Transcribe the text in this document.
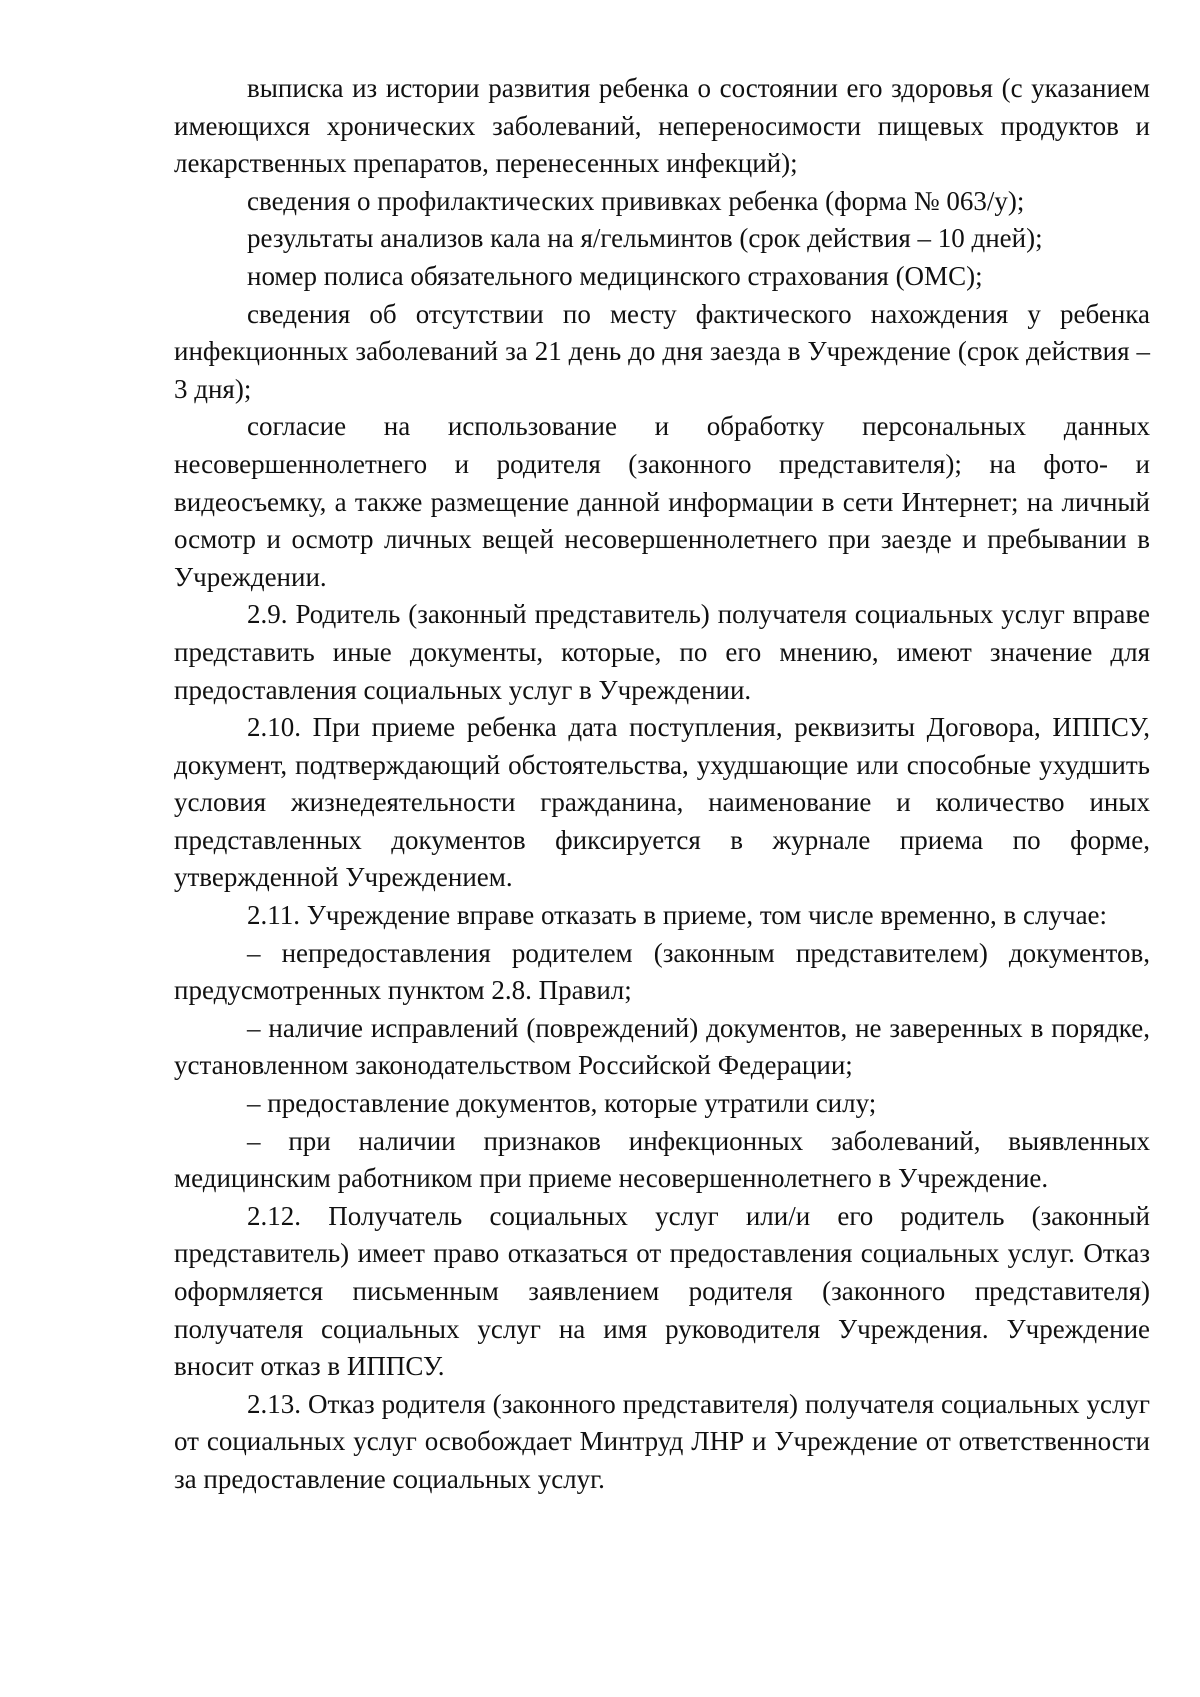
выписка из истории развития ребенка о состоянии его здоровья (с указанием имеющихся хронических заболеваний, непереносимости пищевых продуктов и лекарственных препаратов, перенесенных инфекций);

сведения о профилактических прививках ребенка (форма № 063/у);

результаты анализов кала на я/гельминтов (срок действия – 10 дней);

номер полиса обязательного медицинского страхования (ОМС);

сведения об отсутствии по месту фактического нахождения у ребенка инфекционных заболеваний за 21 день до дня заезда в Учреждение (срок действия – 3 дня);

согласие на использование и обработку персональных данных несовершеннолетнего и родителя (законного представителя); на фото- и видеосъемку, а также размещение данной информации в сети Интернет; на личный осмотр и осмотр личных вещей несовершеннолетнего при заезде и пребывании в Учреждении.

2.9. Родитель (законный представитель) получателя социальных услуг вправе представить иные документы, которые, по его мнению, имеют значение для предоставления социальных услуг в Учреждении.

2.10. При приеме ребенка дата поступления, реквизиты Договора, ИППСУ, документ, подтверждающий обстоятельства, ухудшающие или способные ухудшить условия жизнедеятельности гражданина, наименование и количество иных представленных документов фиксируется в журнале приема по форме, утвержденной Учреждением.

2.11. Учреждение вправе отказать в приеме, том числе временно, в случае:

– непредоставления родителем (законным представителем) документов, предусмотренных пунктом 2.8. Правил;

– наличие исправлений (повреждений) документов, не заверенных в порядке, установленном законодательством Российской Федерации;

– предоставление документов, которые утратили силу;

– при наличии признаков инфекционных заболеваний, выявленных медицинским работником при приеме несовершеннолетнего в Учреждение.

2.12. Получатель социальных услуг или/и его родитель (законный представитель) имеет право отказаться от предоставления социальных услуг. Отказ оформляется письменным заявлением родителя (законного представителя) получателя социальных услуг на имя руководителя Учреждения. Учреждение вносит отказ в ИППСУ.

2.13. Отказ родителя (законного представителя) получателя социальных услуг от социальных услуг освобождает Минтруд ЛНР и Учреждение от ответственности за предоставление социальных услуг.
